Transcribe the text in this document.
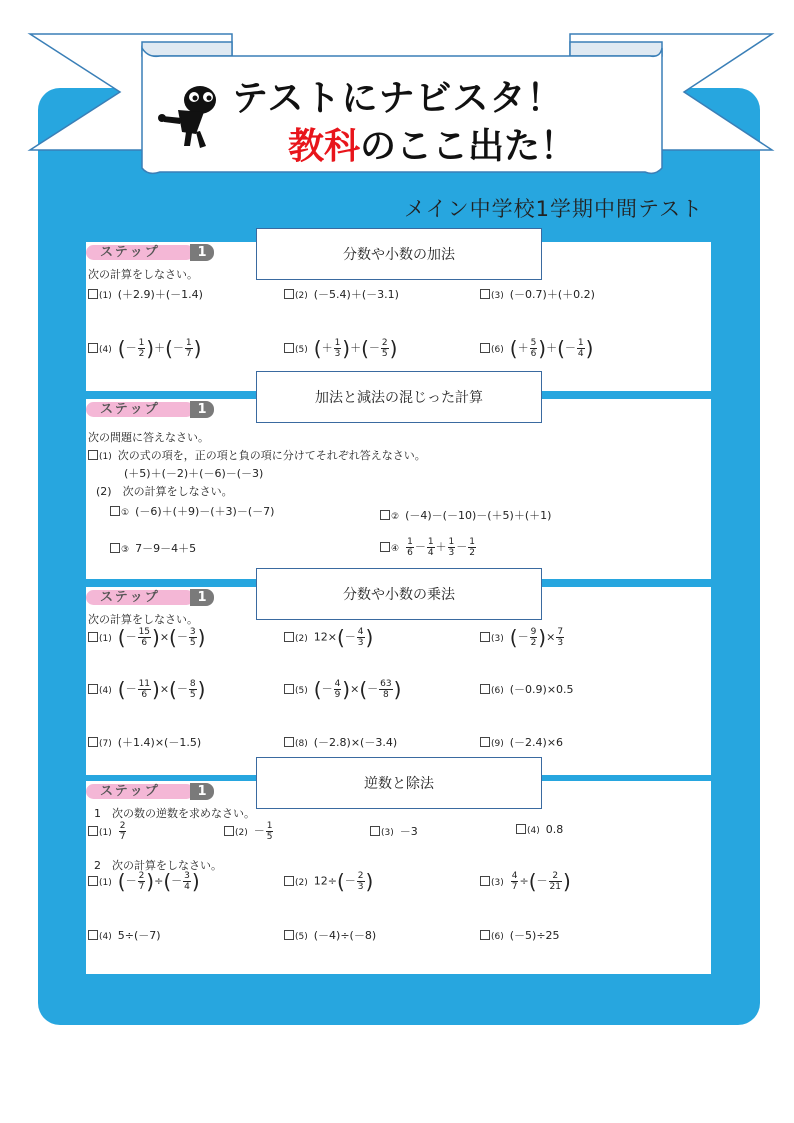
テストにナビスタ！
教科のここ出た！
メイン中学校1学期中間テスト
ステップ	1
次の計算をしなさい。
(1) (＋2.9)＋(－1.4)	(2) (－5.4)＋(－3.1)	(3) (－0.7)＋(＋0.2)
(4) (－ $\frac{1}{2}$ )＋(－ $\frac{1}{7}$ )	(5) (＋ $\frac{1}{3}$ )＋(－ $\frac{2}{5}$ )	(6) (＋ $\frac{5}{6}$ )＋(－ $\frac{1}{4}$ )
分数や小数の加法
ステップ	1
次の問題に答えなさい。
(1) 次の式の項を，正の項と負の項に分けてそれぞれ答えなさい。
(＋5)＋(－2)＋(－6)－(－3)
(2)　 次の計算をしなさい。
① (－6)＋(＋9)－(＋3)－(－7)	② (－4)－(－10)－(＋5)＋(＋1)
③ 7－9－4＋5	④ $\frac{1}{6} - \frac{1}{4} + \frac{1}{3} - \frac{1}{2}$
加法と減法の混じった計算
ステップ	1
次の計算をしなさい。
(1) (－ $\frac{15}{6}$ )×(－ $\frac{3}{5}$ )	(2) $12\times(- \frac{4}{3}$ )	(3) (－ $\frac{9}{2}$ )× $\frac{7}{3}$
(4) (－ $\frac{11}{6}$ )×(－ $\frac{8}{5}$ )	(5) (－ $\frac{4}{9}$ )×(－ $\frac{63}{8}$ )	(6) (－0.9)×0.5
(7) (＋1.4)×(－1.5)	(8) (－2.8)×(－3.4)	(9) (－2.4)×6
分数や小数の乗法
ステップ	1
1　次の数の逆数を求めなさい。
$(1) \frac{2}{7}$	$(2) - \frac{1}{5}$	(3) －3	(4) 0.8
2　次の計算をしなさい。
(1) (－ $\frac{2}{7}$ )÷(－ $\frac{3}{4}$ )	(2) $12\div(- \frac{2}{3}$ )	$(3) \frac{4}{7}$ ÷(－ $\frac{2}{21}$ )
(4) 5÷(－7)	(5) (－4)÷(－8)	(6) (－5)÷25
逆数と除法
